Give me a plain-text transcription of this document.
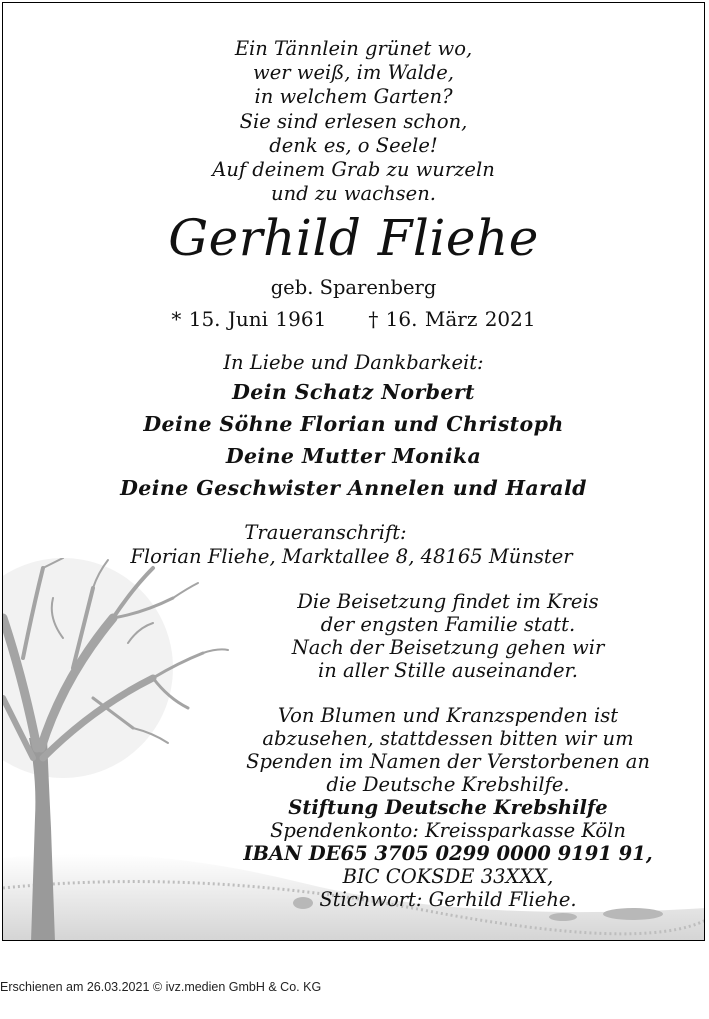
Ein Tännlein grünet wo,
wer weiß, im Walde,
in welchem Garten?
Sie sind erlesen schon,
denk es, o Seele!
Auf deinem Grab zu wurzeln
und zu wachsen.
Gerhild Fliehe
geb. Sparenberg
* 15. Juni 1961 † 16. März 2021
In Liebe und Dankbarkeit:
Dein Schatz Norbert
Deine Söhne Florian und Christoph
Deine Mutter Monika
Deine Geschwister Annelen und Harald
Traueranschrift:
Florian Fliehe, Marktallee 8, 48165 Münster
Die Beisetzung findet im Kreis
der engsten Familie statt.
Nach der Beisetzung gehen wir
in aller Stille auseinander.
Von Blumen und Kranzspenden ist
abzusehen, stattdessen bitten wir um
Spenden im Namen der Verstorbenen an
die Deutsche Krebshilfe.
Stiftung Deutsche Krebshilfe
Spendenkonto: Kreissparkasse Köln
IBAN DE65 3705 0299 0000 9191 91,
BIC COKSDE 33XXX,
Stichwort: Gerhild Fliehe.
Erschienen am 26.03.2021 © ivz.medien GmbH & Co. KG
